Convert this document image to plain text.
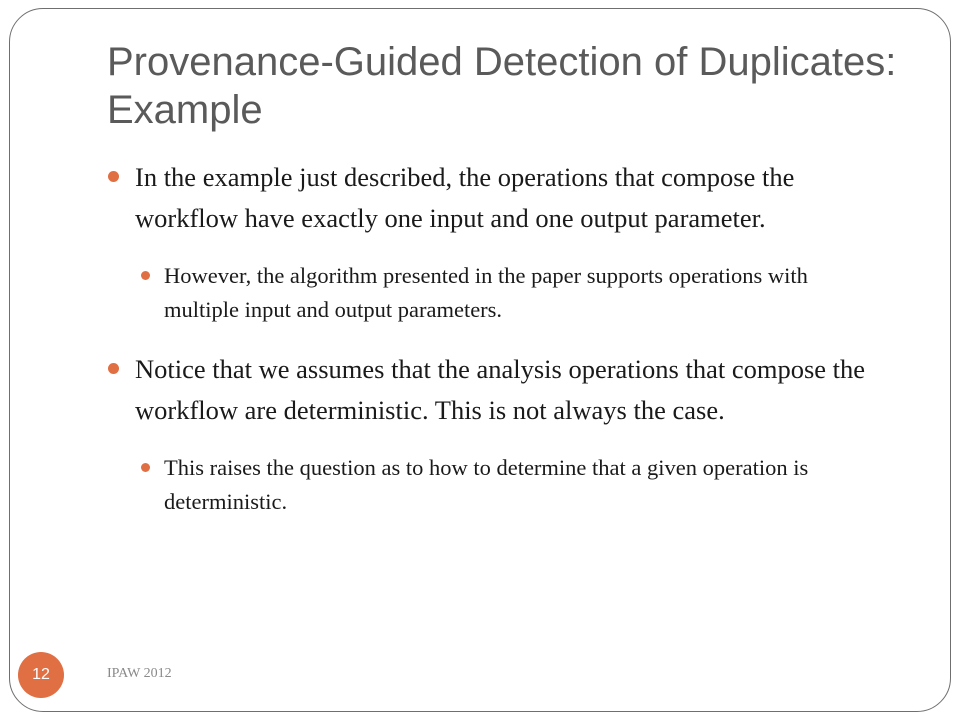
Provenance-Guided Detection of Duplicates: Example
In the example just described, the operations that compose the workflow have exactly one input and one output parameter.
However, the algorithm presented in the paper supports operations with multiple input and output parameters.
Notice that we assumes that the analysis operations that compose the workflow are deterministic. This is not always the case.
This raises the question as to how to determine that a given operation is deterministic.
12	IPAW 2012
